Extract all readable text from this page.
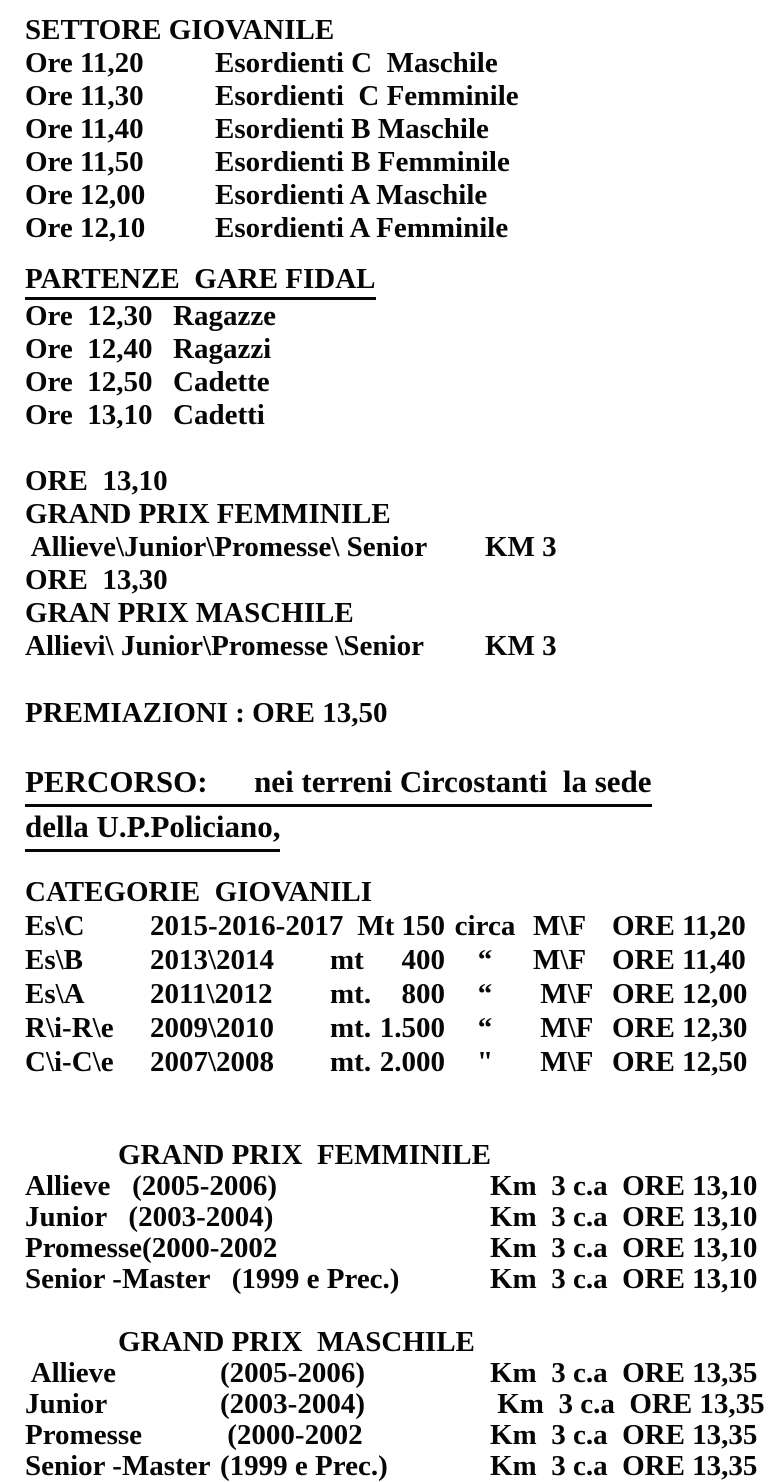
SETTORE GIOVANILE
Ore 11,20	Esordienti C  Maschile
Ore 11,30	Esordienti  C Femminile
Ore 11,40	Esordienti B Maschile
Ore 11,50	Esordienti B Femminile
Ore 12,00	Esordienti A Maschile
Ore 12,10	Esordienti A Femminile
PARTENZE  GARE FIDAL
Ore  12,30 Ragazze
Ore  12,40 Ragazzi
Ore  12,50 Cadette
Ore  13,10 Cadetti
ORE  13,10
GRAND PRIX FEMMINILE
Allieve\Junior\Promesse\ Senior	KM 3
ORE  13,30
GRAN PRIX MASCHILE
Allievi\ Junior\Promesse \Senior	KM 3
PREMIAZIONI : ORE 13,50
PERCORSO:      nei terreni Circostanti  la sede
della U.P.Policiano,
CATEGORIE  GIOVANILI
Es\C	2015-2016-2017 Mt 150 circa M\F ORE 11,20
Es\B	2013\2014	mt	400	“	M\F ORE 11,40
Es\A	2011\2012	mt.	800	“	M\F ORE 12,00
R\i-R\e	2009\2010	mt. 1.500	“	M\F ORE 12,30
C\i-C\e	2007\2008	mt. 2.000	"	M\F ORE 12,50
GRAND PRIX  FEMMINILE
Allieve   (2005-2006)	Km  3 c.a  ORE 13,10
Junior   (2003-2004)	Km  3 c.a  ORE 13,10
Promesse(2000-2002	Km  3 c.a  ORE 13,10
Senior -Master   (1999 e Prec.)	Km  3 c.a  ORE 13,10
GRAND PRIX  MASCHILE
Allieve	(2005-2006)	Km  3 c.a  ORE 13,35
Junior	(2003-2004)	Km  3 c.a  ORE 13,35
Promesse	(2000-2002	Km  3 c.a  ORE 13,35
Senior -Master (1999 e Prec.)	Km  3 c.a  ORE 13,35
